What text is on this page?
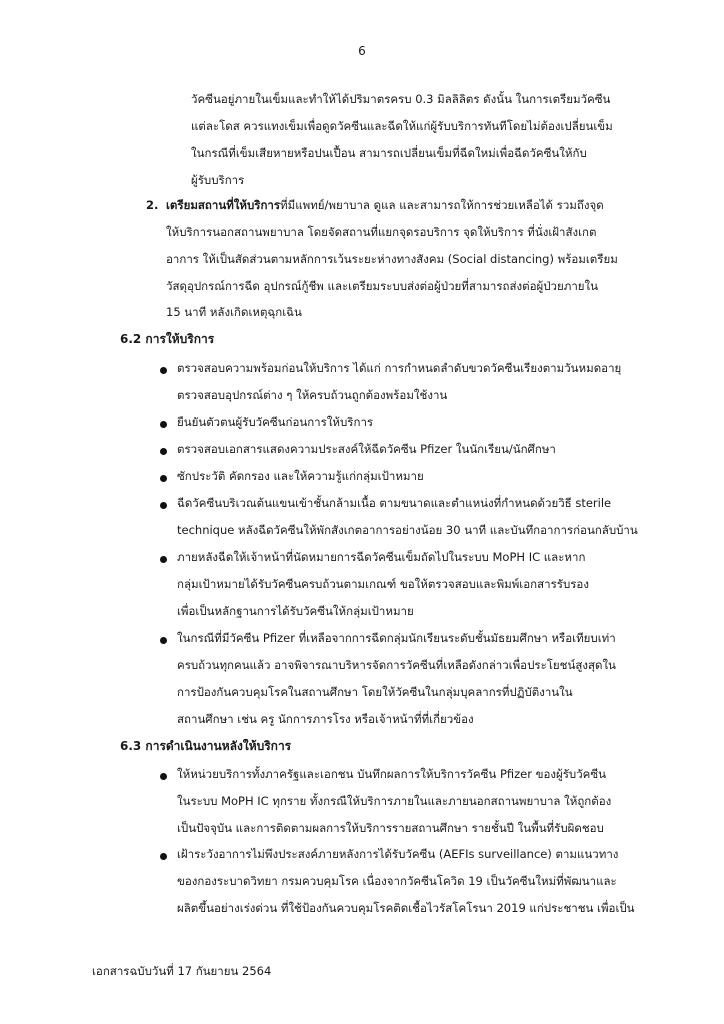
6
วัคซีนอยู่ภายในเข็มและทำให้ได้ปริมาตรครบ 0.3 มิลลิลิตร ดังนั้น ในการเตรียมวัคซีน
แต่ละโดส ควรแทงเข็มเพื่อดูดวัคซีนและฉีดให้แก่ผู้รับบริการทันทีโดยไม่ต้องเปลี่ยนเข็ม
ในกรณีที่เข็มเสียหายหรือปนเปื้อน สามารถเปลี่ยนเข็มที่ฉีดใหม่เพื่อฉีดวัคซีนให้กับ
ผู้รับบริการ
2. เตรียมสถานที่ให้บริการที่มีแพทย์/พยาบาล ดูแล และสามารถให้การช่วยเหลือได้ รวมถึงจุด
ให้บริการนอกสถานพยาบาล โดยจัดสถานที่แยกจุดรอบริการ จุดให้บริการ ที่นั่งเฝ้าสังเกต
อาการ ให้เป็นสัดส่วนตามหลักการเว้นระยะห่างทางสังคม (Social distancing) พร้อมเตรียม
วัสดุอุปกรณ์การฉีด อุปกรณ์กู้ชีพ และเตรียมระบบส่งต่อผู้ป่วยที่สามารถส่งต่อผู้ป่วยภายใน
15 นาที หลังเกิดเหตุฉุกเฉิน
6.2 การให้บริการ
ตรวจสอบความพร้อมก่อนให้บริการ ได้แก่ การกำหนดลำดับขวดวัคซีนเรียงตามวันหมดอายุ
ตรวจสอบอุปกรณ์ต่าง ๆ ให้ครบถ้วนถูกต้องพร้อมใช้งาน
ยืนยันตัวตนผู้รับวัคซีนก่อนการให้บริการ
ตรวจสอบเอกสารแสดงความประสงค์ให้ฉีดวัคซีน Pfizer ในนักเรียน/นักศึกษา
ซักประวัติ คัดกรอง และให้ความรู้แก่กลุ่มเป้าหมาย
ฉีดวัคซีนบริเวณต้นแขนเข้าชั้นกล้ามเนื้อ ตามขนาดและตำแหน่งที่กำหนดด้วยวิธี sterile
technique หลังฉีดวัคซีนให้พักสังเกตอาการอย่างน้อย 30 นาที และบันทึกอาการก่อนกลับบ้าน
ภายหลังฉีดให้เจ้าหน้าที่นัดหมายการฉีดวัคซีนเข็มถัดไปในระบบ MoPH IC และหาก
กลุ่มเป้าหมายได้รับวัคซีนครบถ้วนตามเกณฑ์ ขอให้ตรวจสอบและพิมพ์เอกสารรับรอง
เพื่อเป็นหลักฐานการได้รับวัคซีนให้กลุ่มเป้าหมาย
ในกรณีที่มีวัคซีน Pfizer ที่เหลือจากการฉีดกลุ่มนักเรียนระดับชั้นมัธยมศึกษา หรือเทียบเท่า
ครบถ้วนทุกคนแล้ว อาจพิจารณาบริหารจัดการวัคซีนที่เหลือดังกล่าวเพื่อประโยชน์สูงสุดใน
การป้องกันควบคุมโรคในสถานศึกษา โดยให้วัคซีนในกลุ่มบุคลากรที่ปฏิบัติงานใน
สถานศึกษา เช่น ครู นักการภารโรง หรือเจ้าหน้าที่ที่เกี่ยวข้อง
6.3 การดำเนินงานหลังให้บริการ
ให้หน่วยบริการทั้งภาครัฐและเอกชน บันทึกผลการให้บริการวัคซีน Pfizer ของผู้รับวัคซีน
ในระบบ MoPH IC ทุกราย ทั้งกรณีให้บริการภายในและภายนอกสถานพยาบาล ให้ถูกต้อง
เป็นปัจจุบัน และการติดตามผลการให้บริการรายสถานศึกษา รายชั้นปี ในพื้นที่รับผิดชอบ
เฝ้าระวังอาการไม่พึงประสงค์ภายหลังการได้รับวัคซีน (AEFIs surveillance) ตามแนวทาง
ของกองระบาดวิทยา กรมควบคุมโรค เนื่องจากวัคซีนโควิด 19 เป็นวัคซีนใหม่ที่พัฒนาและ
ผลิตขึ้นอย่างเร่งด่วน ที่ใช้ป้องกันควบคุมโรคติดเชื้อไวรัสโคโรนา 2019 แก่ประชาชน เพื่อเป็น
เอกสารฉบับวันที่ 17 กันยายน 2564
